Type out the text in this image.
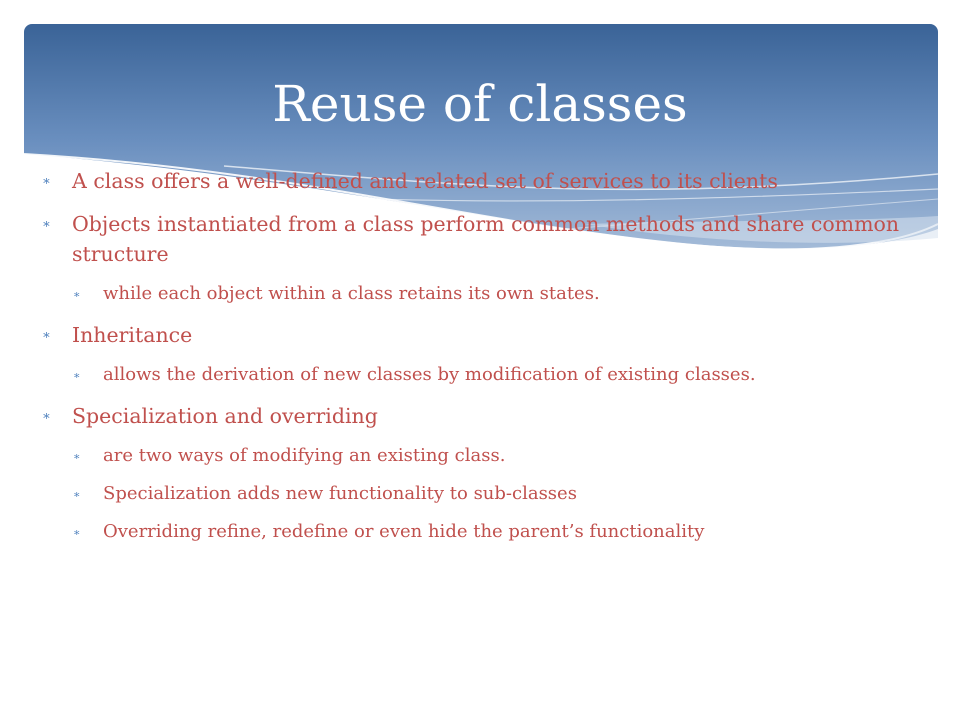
Reuse of classes
∗ A class offers a well-defined and related set of services to its clients
∗ Objects instantiated from a class perform common methods and share common structure
∗ while each object within a class retains its own states.
∗ Inheritance
∗ allows the derivation of new classes by modification of existing classes.
∗ Specialization and overriding
∗ are two ways of modifying an existing class.
∗ Specialization adds new functionality to sub-classes
∗ Overriding refine, redefine or even hide the parent’s functionality
